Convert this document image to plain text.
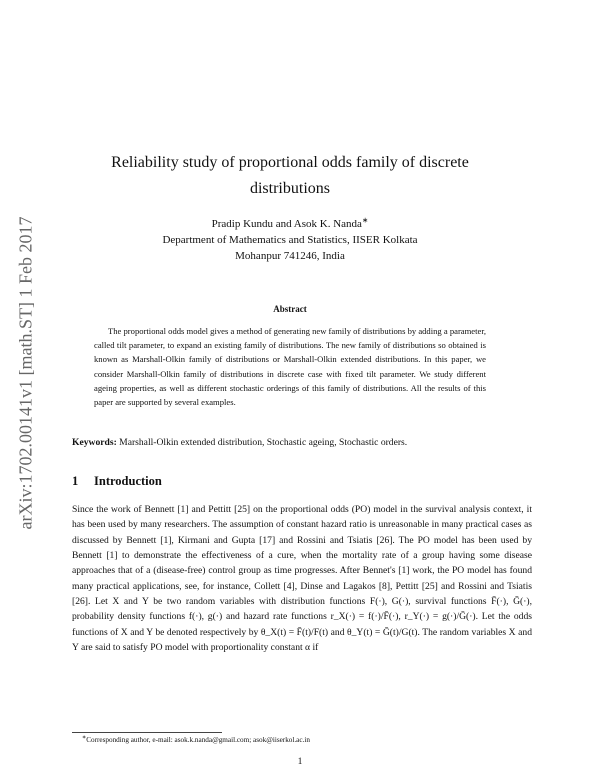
arXiv:1702.00141v1 [math.ST] 1 Feb 2017
Reliability study of proportional odds family of discrete distributions
Pradip Kundu and Asok K. Nanda∗
Department of Mathematics and Statistics, IISER Kolkata
Mohanpur 741246, India
Abstract

The proportional odds model gives a method of generating new family of distributions by adding a parameter, called tilt parameter, to expand an existing family of distributions. The new family of distributions so obtained is known as Marshall-Olkin family of distributions or Marshall-Olkin extended distributions. In this paper, we consider Marshall-Olkin family of distributions in discrete case with fixed tilt parameter. We study different ageing properties, as well as different stochastic orderings of this family of distributions. All the results of this paper are supported by several examples.

Keywords: Marshall-Olkin extended distribution, Stochastic ageing, Stochastic orders.
1 Introduction

Since the work of Bennett [1] and Pettitt [25] on the proportional odds (PO) model in the survival analysis context, it has been used by many researchers. The assumption of constant hazard ratio is unreasonable in many practical cases as discussed by Bennett [1], Kirmani and Gupta [17] and Rossini and Tsiatis [26]. The PO model has been used by Bennett [1] to demonstrate the effectiveness of a cure, when the mortality rate of a group having some disease approaches that of a (disease-free) control group as time progresses. After Bennet's [1] work, the PO model has found many practical applications, see, for instance, Collett [4], Dinse and Lagakos [8], Pettitt [25] and Rossini and Tsiatis [26]. Let X and Y be two random variables with distribution functions F(·), G(·), survival functions F̄(·), Ḡ(·), probability density functions f(·), g(·) and hazard rate functions r_X(·) = f(·)/F̄(·), r_Y(·) = g(·)/Ḡ(·). Let the odds functions of X and Y be denoted respectively by θ_X(t) = F̄(t)/F(t) and θ_Y(t) = Ḡ(t)/G(t). The random variables X and Y are said to satisfy PO model with proportionality constant α if

∗Corresponding author, e-mail: asok.k.nanda@gmail.com; asok@iiserkol.ac.in
1
